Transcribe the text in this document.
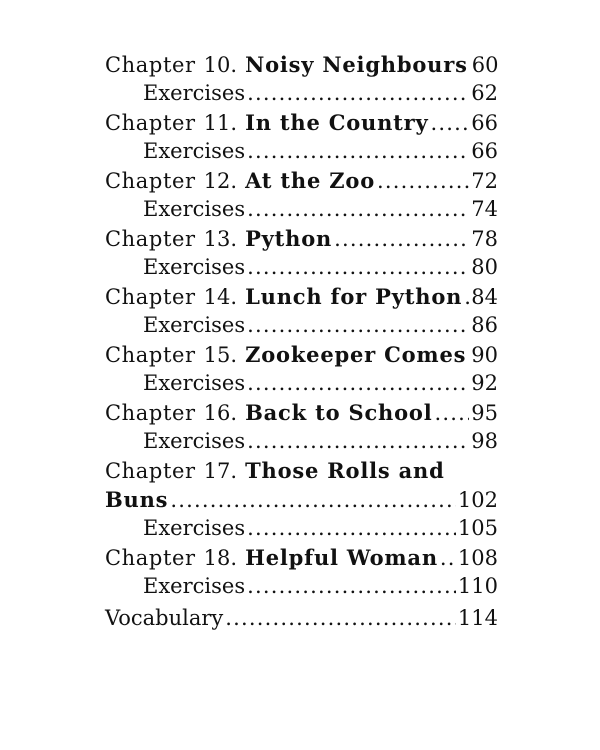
Chapter 10. Noisy Neighbours 60
Exercises .....	62
Chapter 11. In the Country ..... 66
Exercises .....	66
Chapter 12. At the Zoo .....	72
Exercises .....	74
Chapter 13. Python .....	78
Exercises .....	80
Chapter 14. Lunch for Python ..... 84
Exercises .....	86
Chapter 15. Zookeeper Comes ..... 90
Exercises .....	92
Chapter 16. Back to School ..... 95
Exercises .....	98
Chapter 17. Those Rolls and
Buns .....	102
Exercises .....	105
Chapter 18. Helpful Woman ..... 108
Exercises .....	110
Vocabulary .....	114
